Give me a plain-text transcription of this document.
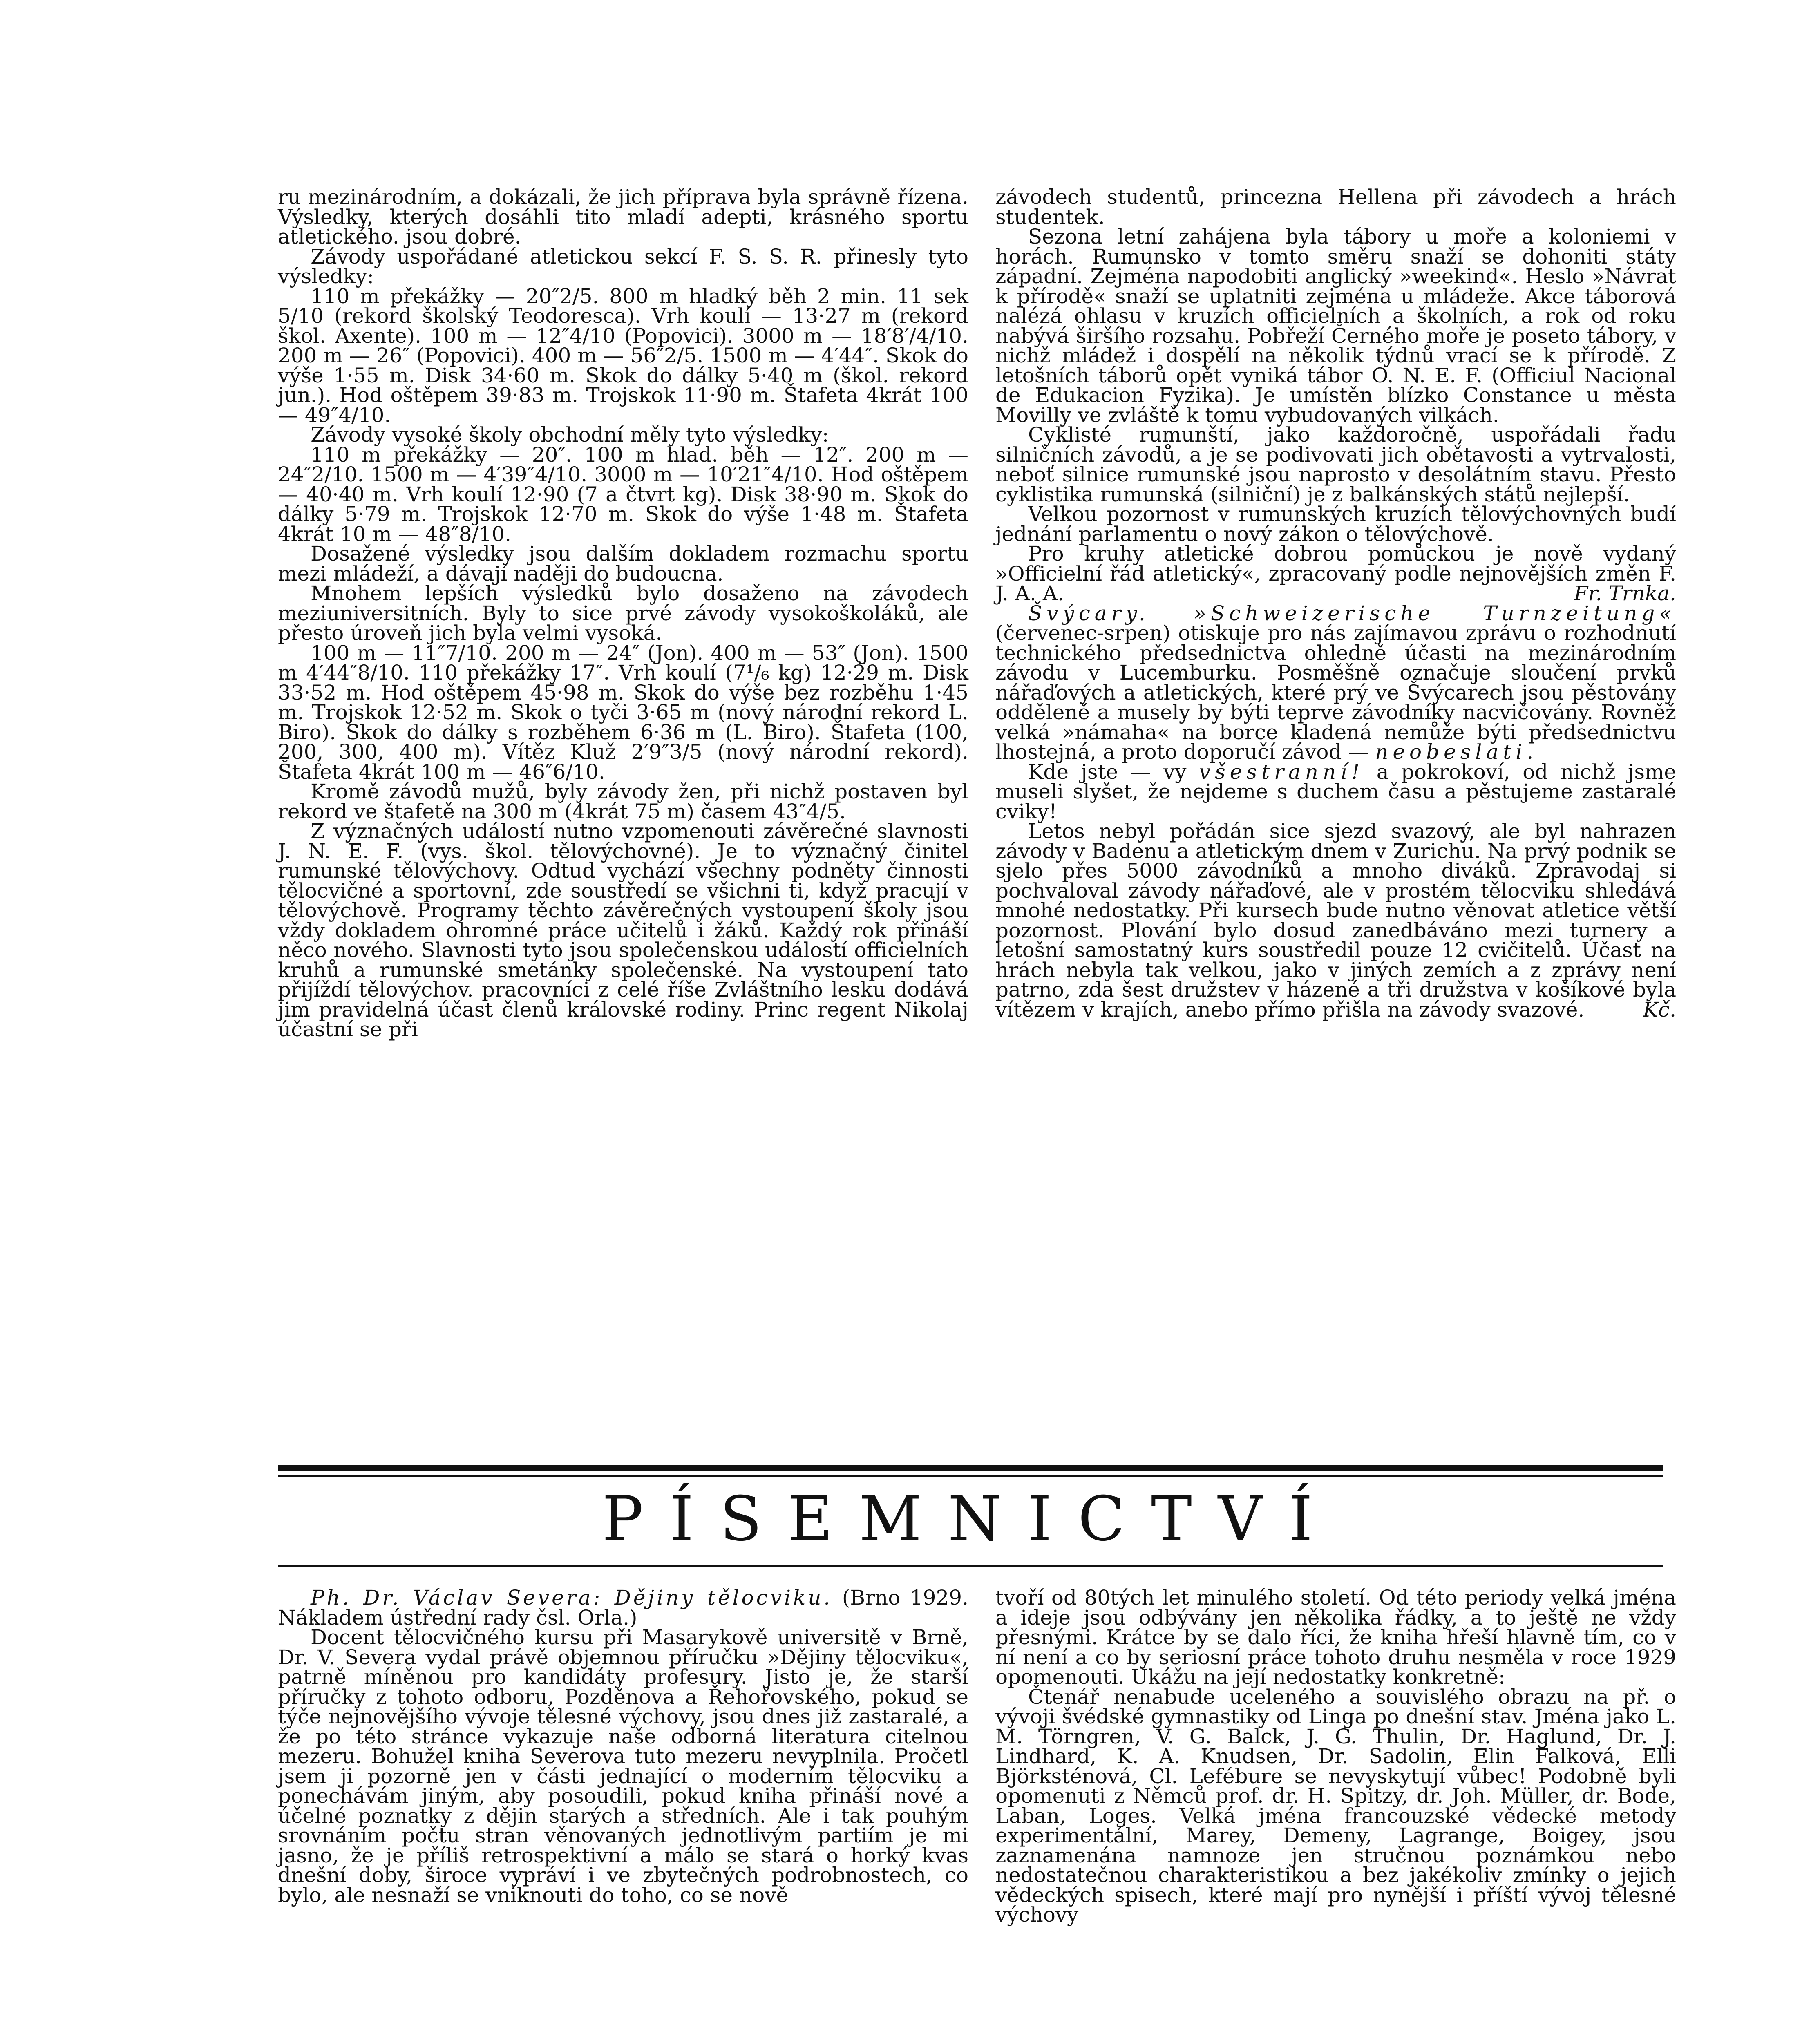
ru mezinárodním, a dokázali, že jich příprava byla správně řízena. Výsledky, kterých dosáhli tito mladí adepti, krásného sportu atletického. jsou dobré.

Závody uspořádané atletickou sekcí F. S. S. R. přinesly tyto výsledky:

110 m překážky — 20″2/5. 800 m hladký běh 2 min. 11 sek 5/10 (rekord školský Teodoresca). Vrh koulí — 13·27 m (rekord škol. Axente). 100 m — 12″4/10 (Popovici). 3000 m — 18′8′/4/10. 200 m — 26″ (Popovici). 400 m — 56″2/5. 1500 m — 4′44″. Skok do výše 1·55 m. Disk 34·60 m. Skok do dálky 5·40 m (škol. rekord jun.). Hod oštěpem 39·83 m. Trojskok 11·90 m. Štafeta 4krát 100 — 49″4/10.

Závody vysoké školy obchodní měly tyto výsledky:

110 m překážky — 20″. 100 m hlad. běh — 12″. 200 m — 24″2/10. 1500 m — 4′39″4/10. 3000 m — 10′21″4/10. Hod oštěpem — 40·40 m. Vrh koulí 12·90 (7 a čtvrt kg). Disk 38·90 m. Skok do dálky 5·79 m. Trojskok 12·70 m. Skok do výše 1·48 m. Štafeta 4krát 10 m — 48″8/10.

Dosažené výsledky jsou dalším dokladem rozmachu sportu mezi mládeží, a dávají naději do budoucna.

Mnohem lepších výsledků bylo dosaženo na závodech meziuniversitních. Byly to sice prvé závody vysokoškoláků, ale přesto úroveň jich byla velmi vysoká.

100 m — 11″7/10. 200 m — 24″ (Jon). 400 m — 53″ (Jon). 1500 m 4′44″8/10. 110 překážky 17″. Vrh koulí (7¹/₆ kg) 12·29 m. Disk 33·52 m. Hod oštěpem 45·98 m. Skok do výše bez rozběhu 1·45 m. Trojskok 12·52 m. Skok o tyči 3·65 m (nový národní rekord L. Biro). Skok do dálky s rozběhem 6·36 m (L. Biro). Štafeta (100, 200, 300, 400 m). Vítěz Kluž 2′9″3/5 (nový národní rekord). Štafeta 4krát 100 m — 46″6/10.

Kromě závodů mužů, byly závody žen, při nichž postaven byl rekord ve štafetě na 300 m (4krát 75 m) časem 43″4/5.

Z význačných událostí nutno vzpomenouti závěrečné slavnosti J. N. E. F. (vys. škol. tělovýchovné). Je to význačný činitel rumunské tělovýchovy. Odtud vychází všechny podněty činnosti tělocvičné a sportovní, zde soustředí se všichni ti, když pracují v tělovýchově. Programy těchto závěrečných vystoupení školy jsou vždy dokladem ohromné práce učitelů i žáků. Každý rok přináší něco nového. Slavnosti tyto jsou společenskou událostí officielních kruhů a rumunské smetánky společenské. Na vystoupení tato přijíždí tělovýchov. pracovníci z celé říše Zvláštního lesku dodává jim pravidelná účast členů královské rodiny. Princ regent Nikolaj účastní se při

závodech studentů, princezna Hellena při závodech a hrách studentek.

Sezona letní zahájena byla tábory u moře a koloniemi v horách. Rumunsko v tomto směru snaží se dohoniti státy západní. Zejména napodobiti anglický »weekind«. Heslo »Návrat k přírodě« snaží se uplatniti zejména u mládeže. Akce táborová nalézá ohlasu v kruzích officielních a školních, a rok od roku nabývá širšího rozsahu. Pobřeží Černého moře je poseto tábory, v nichž mládež i dospělí na několik týdnů vrací se k přírodě. Z letošních táborů opět vyniká tábor O. N. E. F. (Officiul Nacional de Edukacion Fyzika). Je umístěn blízko Constance u města Movilly ve zvláště k tomu vybudovaných vilkách.

Cyklisté rumunští, jako každoročně, uspořádali řadu silničních závodů, a je se podivovati jich obětavosti a vytrvalosti, neboť silnice rumunské jsou naprosto v desolátním stavu. Přesto cyklistika rumunská (silniční) je z balkánských států nejlepší.

Velkou pozornost v rumunských kruzích tělovýchovných budí jednání parlamentu o nový zákon o tělovýchově.

Pro kruhy atletické dobrou pomůckou je nově vydaný »Officielní řád atletický«, zpracovaný podle nejnovějších změn F. J. A. A.	Fr. Trnka.

Švýcary. »Schweizerische Turnzeitung« (červenec-srpen) otiskuje pro nás zajímavou zprávu o rozhodnutí technického předsednictva ohledně účasti na mezinárodním závodu v Lucemburku. Posměšně označuje sloučení prvků nářaďových a atletických, které prý ve Švýcarech jsou pěstovány odděleně a musely by býti teprve závodníky nacvičovány. Rovněž velká »námaha« na borce kladená nemůže býti předsednictvu lhostejná, a proto doporučí závod — neobeslati.

Kde jste — vy všestranní! a pokrokoví, od nichž jsme museli slyšet, že nejdeme s duchem času a pěstujeme zastaralé cviky!

Letos nebyl pořádán sice sjezd svazový, ale byl nahrazen závody v Badenu a atletickým dnem v Zurichu. Na prvý podnik se sjelo přes 5000 závodníků a mnoho diváků. Zpravodaj si pochvaloval závody nářaďové, ale v prostém tělocviku shledává mnohé nedostatky. Při kursech bude nutno věnovat atletice větší pozornost. Plování bylo dosud zanedbáváno mezi turnery a letošní samostatný kurs soustředil pouze 12 cvičitelů. Účast na hrách nebyla tak velkou, jako v jiných zemích a z zprávy není patrno, zda šest družstev v házené a tři družstva v košíkové byla vítězem v krajích, anebo přímo přišla na závody svazové.	Kč.

PÍSEMNICTVÍ

Ph. Dr. Václav Severa: Dějiny tělocviku. (Brno 1929. Nákladem ústřední rady čsl. Orla.)

Docent tělocvičného kursu při Masarykově universitě v Brně, Dr. V. Severa vydal právě objemnou příručku »Dějiny tělocviku«, patrně míněnou pro kandidáty profesury. Jisto je, že starší příručky z tohoto odboru, Pozděnova a Řehořovského, pokud se týče nejnovějšího vývoje tělesné výchovy, jsou dnes již zastaralé, a že po této stránce vykazuje naše odborná literatura citelnou mezeru. Bohužel kniha Severova tuto mezeru nevyplnila. Pročetl jsem ji pozorně jen v části jednající o moderním tělocviku a ponechávám jiným, aby posoudili, pokud kniha přináší nové a účelné poznatky z dějin starých a středních. Ale i tak pouhým srovnáním počtu stran věnovaných jednotlivým partiím je mi jasno, že je příliš retrospektivní a málo se stará o horký kvas dnešní doby, široce vypráví i ve zbytečných podrobnostech, co bylo, ale nesnaží se vniknouti do toho, co se nově

tvoří od 80tých let minulého století. Od této periody velká jména a ideje jsou odbývány jen několika řádky, a to ještě ne vždy přesnými. Krátce by se dalo říci, že kniha hřeší hlavně tím, co v ní není a co by seriosní práce tohoto druhu nesměla v roce 1929 opomenouti. Ukážu na její nedostatky konkretně:

Čtenář nenabude uceleného a souvislého obrazu na př. o vývoji švédské gymnastiky od Linga po dnešní stav. Jména jako L. M. Törngren, V. G. Balck, J. G. Thulin, Dr. Haglund, Dr. J. Lindhard, K. A. Knudsen, Dr. Sadolin, Elin Falková, Elli Björksténová, Cl. Lefébure se nevyskytují vůbec! Podobně byli opomenuti z Němců prof. dr. H. Spitzy, dr. Joh. Müller, dr. Bode, Laban, Loges. Velká jména francouzské vědecké metody experimentální, Marey, Demeny, Lagrange, Boigey, jsou zaznamenána namnoze jen stručnou poznámkou nebo nedostatečnou charakteristikou a bez jakékoliv zmínky o jejich vědeckých spisech, které mají pro nynější i příští vývoj tělesné výchovy
